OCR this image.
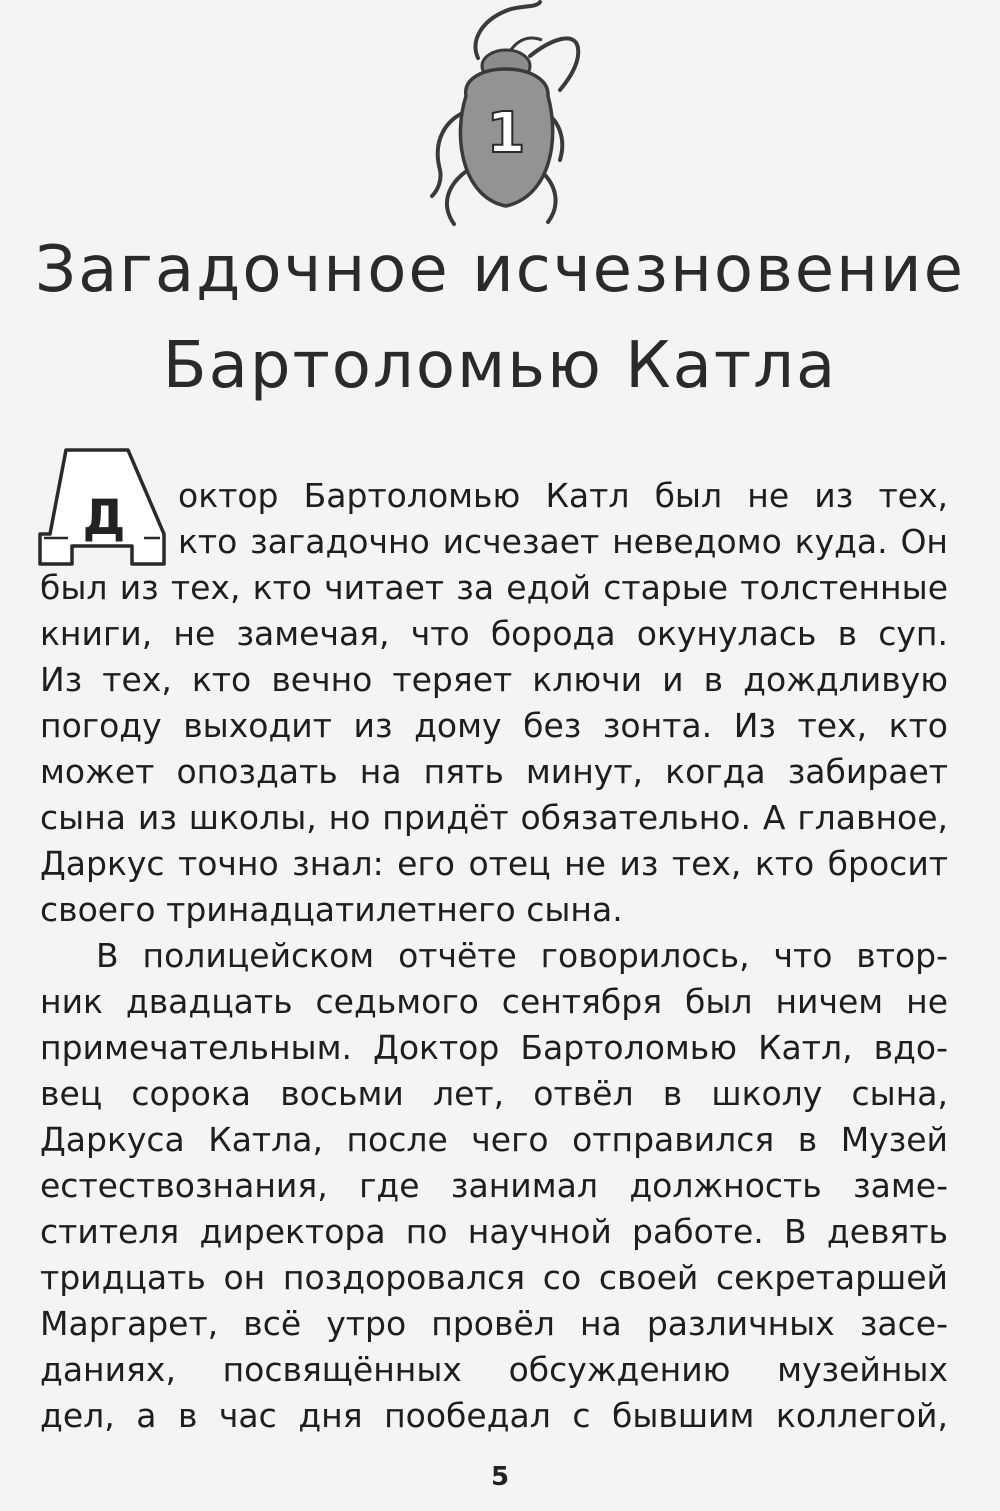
1
Загадочное исчезновение
Бартоломью Катла
Д октор Бартоломью Катл был не из тех,
кто загадочно исчезает неведомо куда. Он
был из тех, кто читает за едой старые толстенные
книги, не замечая, что борода окунулась в суп.
Из тех, кто вечно теряет ключи и в дождливую
погоду выходит из дому без зонта. Из тех, кто
может опоздать на пять минут, когда забирает
сына из школы, но придёт обязательно. А главное,
Даркус точно знал: его отец не из тех, кто бросит
своего тринадцатилетнего сына.
В полицейском отчёте говорилось, что втор-
ник двадцать седьмого сентября был ничем не
примечательным. Доктор Бартоломью Катл, вдо-
вец сорока восьми лет, отвёл в школу сына,
Даркуса Катла, после чего отправился в Музей
естествознания, где занимал должность заме-
стителя директора по научной работе. В девять
тридцать он поздоровался со своей секретаршей
Маргарет, всё утро провёл на различных засе-
даниях, посвящённых обсуждению музейных
дел, а в час дня пообедал с бывшим коллегой,
5
